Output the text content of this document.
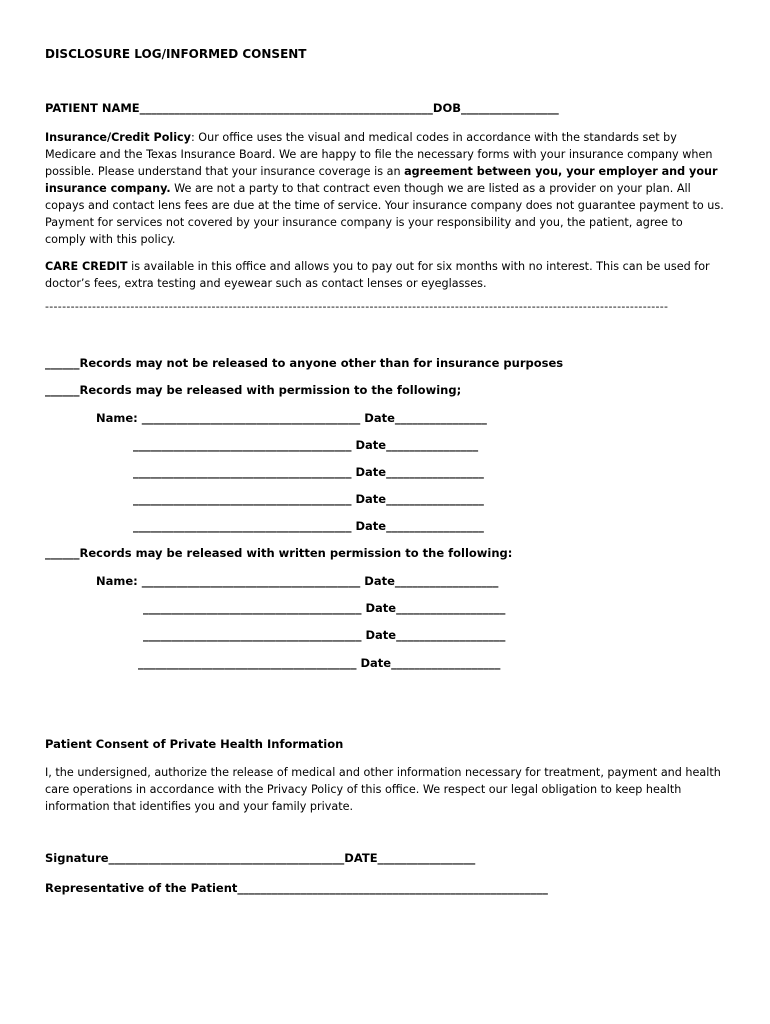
DISCLOSURE LOG/INFORMED CONSENT
PATIENT NAME___________________________________________________DOB_________________
Insurance/Credit Policy: Our office uses the visual and medical codes in accordance with the standards set by Medicare and the Texas Insurance Board. We are happy to file the necessary forms with your insurance company when possible. Please understand that your insurance coverage is an agreement between you, your employer and your insurance company. We are not a party to that contract even though we are listed as a provider on your plan. All copays and contact lens fees are due at the time of service. Your insurance company does not guarantee payment to us. Payment for services not covered by your insurance company is your responsibility and you, the patient, agree to comply with this policy.
CARE CREDIT is available in this office and allows you to pay out for six months with no interest. This can be used for doctor’s fees, extra testing and eyewear such as contact lenses or eyeglasses.
--------------------------------------------------------------------------------------------------------------------------------------------------
______Records may not be released to anyone other than for insurance purposes
______Records may be released with permission to the following;
Name: ______________________________________ Date________________
______________________________________ Date________________
______________________________________ Date_________________
______________________________________ Date_________________
______________________________________ Date_________________
______Records may be released with written permission to the following:
Name: ______________________________________ Date__________________
______________________________________ Date___________________
______________________________________ Date___________________
______________________________________ Date___________________
Patient Consent of Private Health Information
I, the undersigned, authorize the release of medical and other information necessary for treatment, payment and health care operations in accordance with the Privacy Policy of this office. We respect our legal obligation to keep health information that identifies you and your family private.
Signature_________________________________________DATE_________________
Representative of the Patient______________________________________________________
